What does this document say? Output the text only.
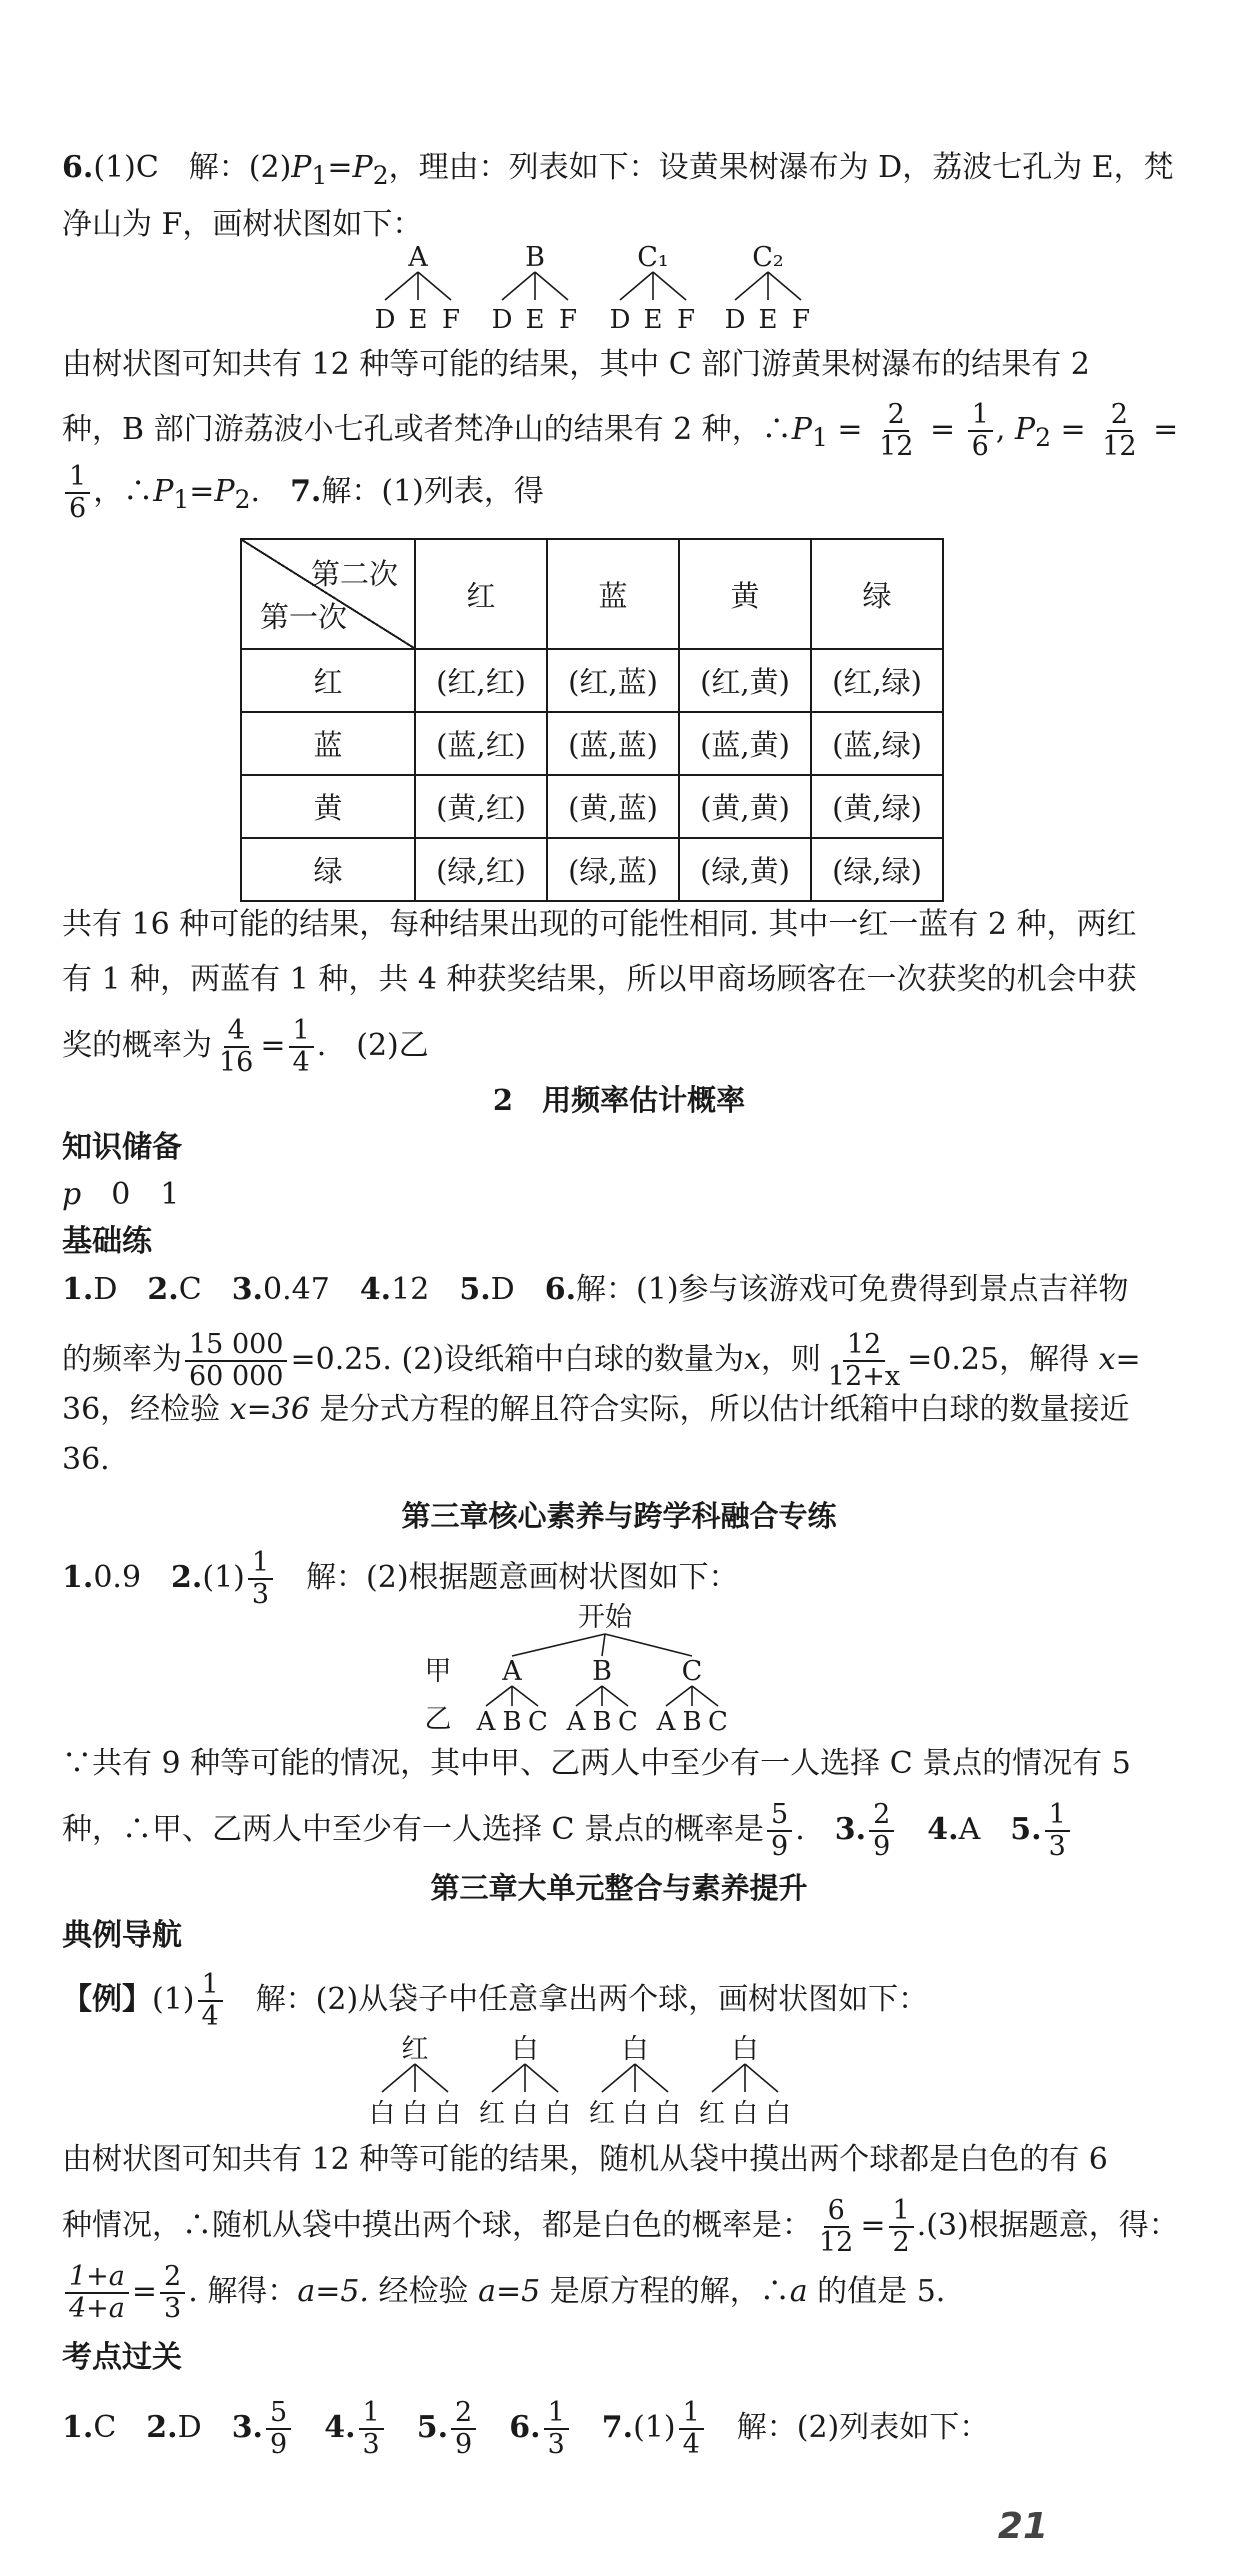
6.(1)C　解：$(2)P_1=P_2$，理由：列表如下：设黄果树瀑布为 D，荔波七孔为 E，梵
净山为 F，画树状图如下：
A	B	C₁	C₂
D E F D E F D E F D E F
由树状图可知共有 12 种等可能的结果，其中 C 部门游黄果树瀑布的结果有 2
种，B 部门游荔波小七孔或者梵净山的结果有 2 种，$\therefore P_1 = \frac{2}{12} = \frac{1}{6}$ , $P_2 = \frac{2}{12}$ =
$\frac{1}{6}$ ，$\therefore P_1=P_2$.　7.解：(1)列表，得
第二次
第一次	红	蓝	黄	绿
红	(红,红)	(红,蓝)	(红,黄)	(红,绿)
蓝	(蓝,红)	(蓝,蓝)	(蓝,黄)	(蓝,绿)
黄	(黄,红)	(黄,蓝)	(黄,黄)	(黄,绿)
绿	(绿,红)	(绿,蓝)	(绿,黄)	(绿,绿)
共有 16 种可能的结果，每种结果出现的可能性相同. 其中一红一蓝有 2 种，两红
有 1 种，两蓝有 1 种，共 4 种获奖结果，所以甲商场顾客在一次获奖的机会中获
奖的概率为 $\frac{4}{16} = \frac{1}{4}$ .　(2)乙
2　用频率估计概率
知识储备
p　 0　1
基础练
1.D　 2.C　 3.0.47　 4.12　 5.D　 6.解：(1)参与该游戏可免费得到景点吉祥物
的频率为 $\frac{15 000}{60 000} =0.25$. (2)设纸箱中白球的数量为x，则 $\frac{12}{12+x} =0.25$，解得 x=
36，经检验 x=36 是分式方程的解且符合实际，所以估计纸箱中白球的数量接近
36.
第三章核心素养与跨学科融合专练
1.0.9　 $2.(1) \frac{1}{3}$
　 解：(2)根据题意画树状图如下：
开始
甲
乙
A	B	C
A B C A B C A B C
∵共有 9 种等可能的情况，其中甲、乙两人中至少有一人选择 C 景点的情况有 5
种，∴甲、乙两人中至少有一人选择 C 景点的概率是 $\frac{5}{9}$ .　3. $\frac{2}{9}$
　 4.A　 5. $\frac{1}{3}$
第三章大单元整合与素养提升
典例导航
【例】$(1) \frac{1}{4}$
　 解：(2)从袋子中任意拿出两个球，画树状图如下：
红	白	白	白
白 白 白 红 白 白 红 白 白 红 白 白
由树状图可知共有 12 种等可能的结果，随机从袋中摸出两个球都是白色的有 6
种情况，∴随机从袋中摸出两个球，都是白色的概率是： $\frac{6}{12} = \frac{1}{2} .(3)$根据题意，得：
$\frac{1+a}{4+a} = \frac{2}{3}$ . 解得：a=5. 经检验 a=5 是原方程的解，∴a 的值是 5.
考点过关
1.C　 2.D　 3. $\frac{5}{9}$
　 4. $\frac{1}{3}$
　 5. $\frac{2}{9}$
　 6. $\frac{1}{3}$
　 $7.(1) \frac{1}{4}$
　 解：(2)列表如下：
21
